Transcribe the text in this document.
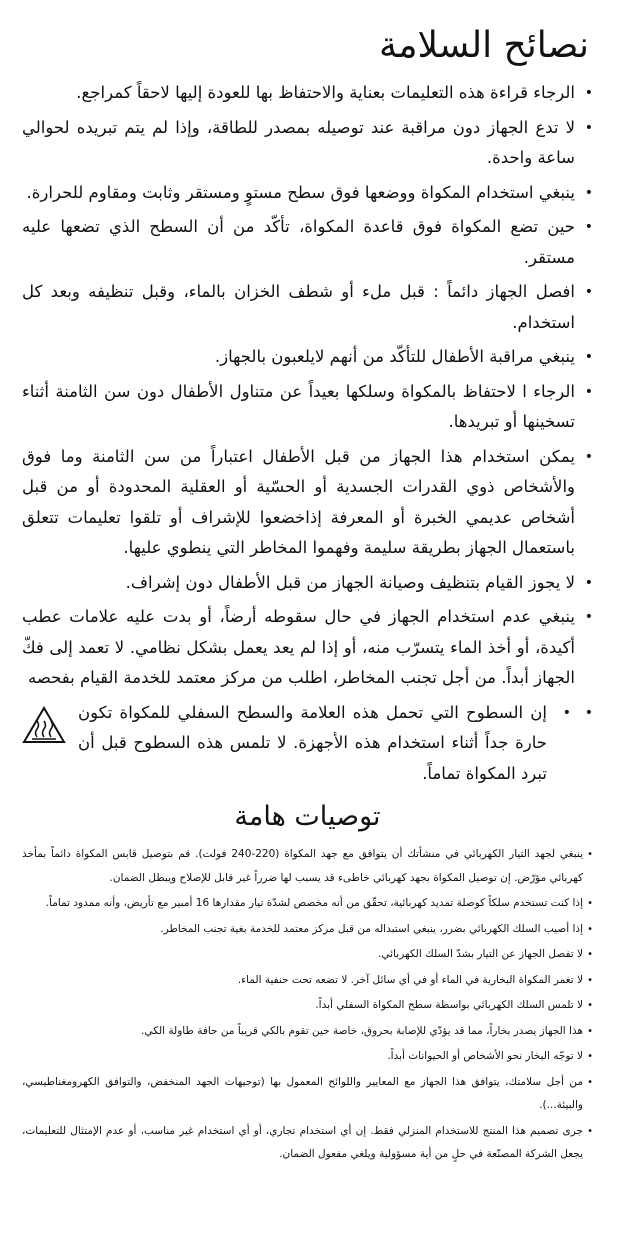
نصائح السلامة
• الرجاء قراءة هذه التعليمات بعناية والاحتفاظ بها للعودة إليها لاحقاً كمراجع.
• لا تدع الجهاز دون مراقبة عند توصيله بمصدر للطاقة، وإذا لم يتم تبريده لحوالي ساعة واحدة.
• ينبغي استخدام المكواة ووضعها فوق سطح مستوٍ ومستقر وثابت ومقاوم للحرارة.
• حين تضع المكواة فوق قاعدة المكواة، تأكّد من أن السطح الذي تضعها عليه مستقر.
• افصل الجهاز دائماً : قبل ملء أو شطف الخزان بالماء، وقبل تنظيفه وبعد كل استخدام.
• ينبغي مراقبة الأطفال للتأكّد من أنهم لايلعبون بالجهاز.
• الرجاء ا لاحتفاظ بالمكواة وسلكها بعيداً عن متناول الأطفال دون سن الثامنة أثناء تسخينها أو تبريدها.
• يمكن استخدام هذا الجهاز من قبل الأطفال اعتباراً من سن الثامنة وما فوق والأشخاص ذوي القدرات الجسدية أو الحسّية أو العقلية المحدودة أو من قبل أشخاص عديمي الخبرة أو المعرفة إذاخضعوا للإشراف أو تلقوا تعليمات تتعلق باستعمال الجهاز بطريقة سليمة وفهموا المخاطر التي ينطوي عليها.
• لا يجوز القيام بتنظيف وصيانة الجهاز من قبل الأطفال دون إشراف.
• ينبغي عدم استخدام الجهاز في حال سقوطه أرضاً، أو بدت عليه علامات عطب أكيدة، أو أخذ الماء يتسرّب منه، أو إذا لم يعد يعمل بشكل نظامي. لا تعمد إلى فكّ الجهاز أبداً. من أجل تجنب المخاطر، اطلب من مركز معتمد للخدمة القيام بفحصه
• • إن السطوح التي تحمل هذه العلامة والسطح السفلي للمكواة تكون حارة جداً أثناء استخدام هذه الأجهزة. لا تلمس هذه السطوح قبل أن تبرد المكواة تماماً.
توصيات هامة
• ينبغي لجهد التيار الكهربائي في منشأتك أن يتوافق مع جهد المكواة (220-240 فولت). قم بتوصيل قابس المكواة دائماً بمأخذ كهربائي مؤرّض. إن توصيل المكواة بجهد كهربائي خاطىء قد يسبب لها ضرراً غير قابل للإصلاح ويبطل الضمان.
• إذا كنت تستخدم سلكاً كوصلة تمديد كهربائية، تحقّق من أنه مخصص لشدّة تيار مقدارها 16 أمبير مع تأريض، وأنه ممدود تماماً.
• إذا أصيب السلك الكهربائي بضرر، ينبغي استبداله من قبل مركز معتمد للخدمة بغية تجنب المخاطر.
• لا تفصل الجهاز عن التيار بشدّ السلك الكهربائي.
• لا تغمر المكواة البخارية في الماء أو في أي سائل آخر. لا تضعه تحت حنفية الماء.
• لا تلمس السلك الكهربائي بواسطة سطح المكواة السفلي أبداً.
• هذا الجهاز يصدر بخاراً، مما قد يؤدّي للإصابة بحروق، خاصة حين تقوم بالكي قريباً من حافة طاولة الكي.
• لا توجّه البخار نحو الأشخاص أو الحيوانات أبداً.
• من أجل سلامتك، يتوافق هذا الجهاز مع المعايير واللوائح المعمول بها (توجيهات الجهد المنخفض، والتوافق الكهرومغناطيسي، والبيئة...).
• جرى تصميم هذا المنتج للاستخدام المنزلي فقط. إن أي استخدام تجاري، أو أي استخدام غير مناسب، أو عدم الإمتثال للتعليمات، يجعل الشركة المصنّعة في حلٍ من أية مسؤولية ويلغي مفعول الضمان.
